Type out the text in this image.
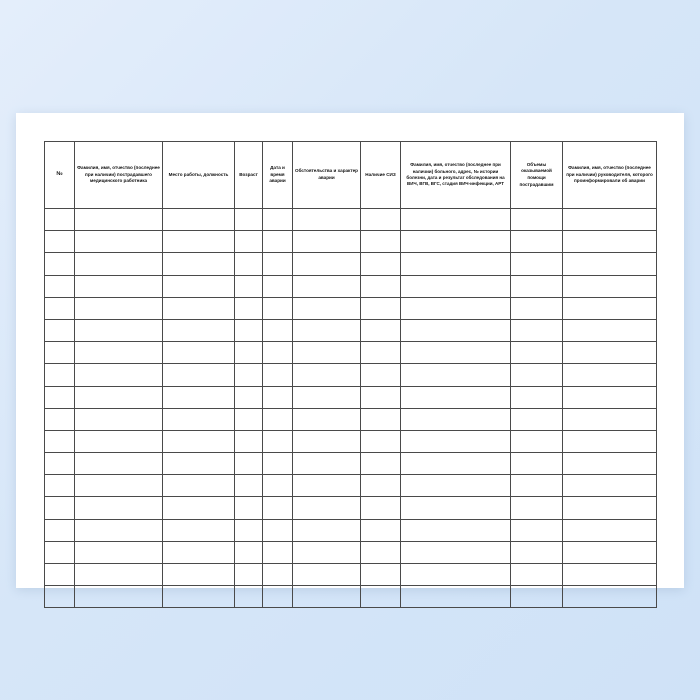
№	Фамилия, имя, отчество (последнее при наличии) пострадавшего медицинского работника	Место работы, должность	Возраст	Дата и время аварии	Обстоятельства и характер аварии	Наличие СИЗ	Фамилия, имя, отчество (последнее при наличии) больного, адрес, № истории болезни, дата и результат обследования на ВИЧ, ВГВ, ВГС, стадия ВИЧ-инфекции, АРТ	Объемы оказываемой помощи пострадавшим	Фамилия, имя, отчество (последнее при наличии) руководителя, которого проинформировали об аварии
